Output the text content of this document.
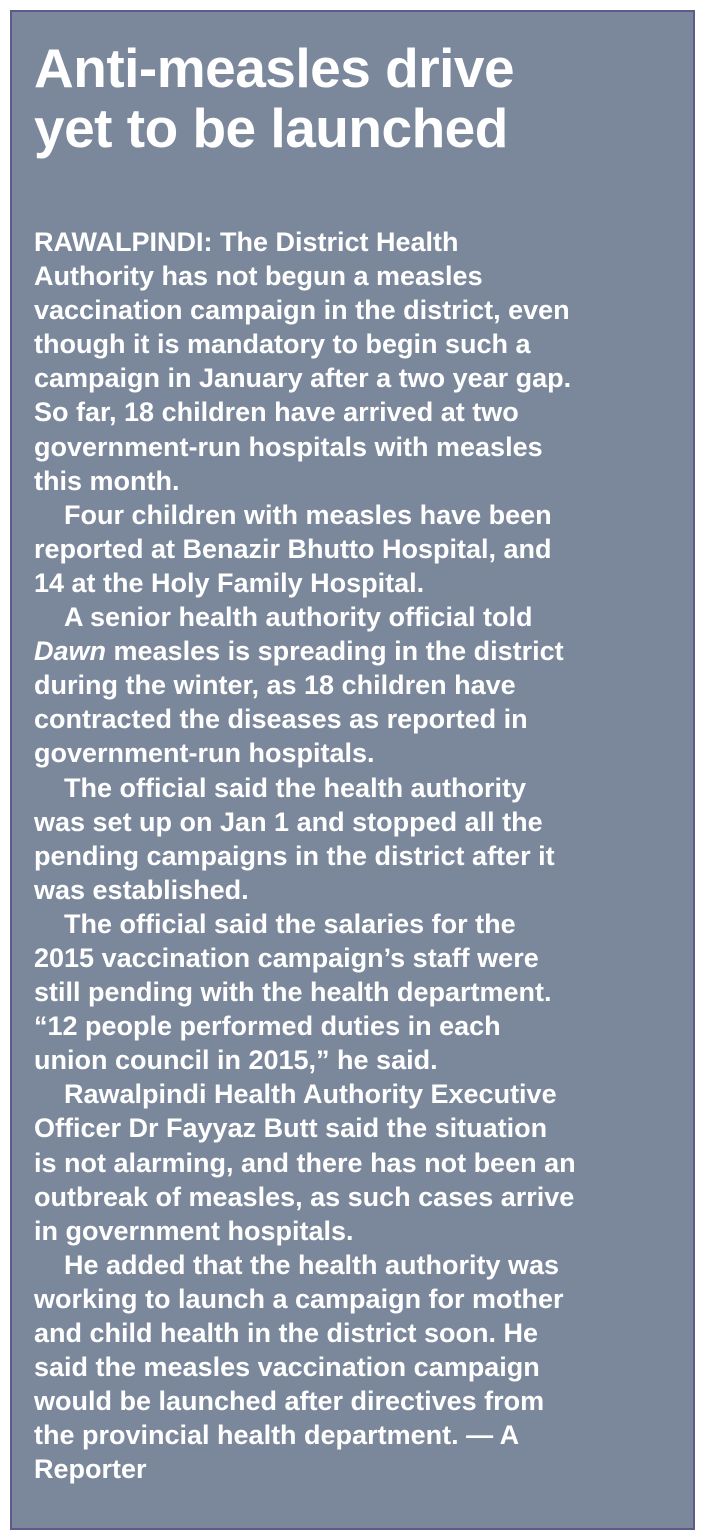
Anti-measles drive
yet to be launched
RAWALPINDI: The District Health
Authority has not begun a measles
vaccination campaign in the district, even
though it is mandatory to begin such a
campaign in January after a two year gap.
So far, 18 children have arrived at two
government-run hospitals with measles
this month.
Four children with measles have been
reported at Benazir Bhutto Hospital, and
14 at the Holy Family Hospital.
A senior health authority official told
Dawn measles is spreading in the district
during the winter, as 18 children have
contracted the diseases as reported in
government-run hospitals.
The official said the health authority
was set up on Jan 1 and stopped all the
pending campaigns in the district after it
was established.
The official said the salaries for the
2015 vaccination campaign’s staff were
still pending with the health department.
“12 people performed duties in each
union council in 2015,” he said.
Rawalpindi Health Authority Executive
Officer Dr Fayyaz Butt said the situation
is not alarming, and there has not been an
outbreak of measles, as such cases arrive
in government hospitals.
He added that the health authority was
working to launch a campaign for mother
and child health in the district soon. He
said the measles vaccination campaign
would be launched after directives from
the provincial health department. — A
Reporter
